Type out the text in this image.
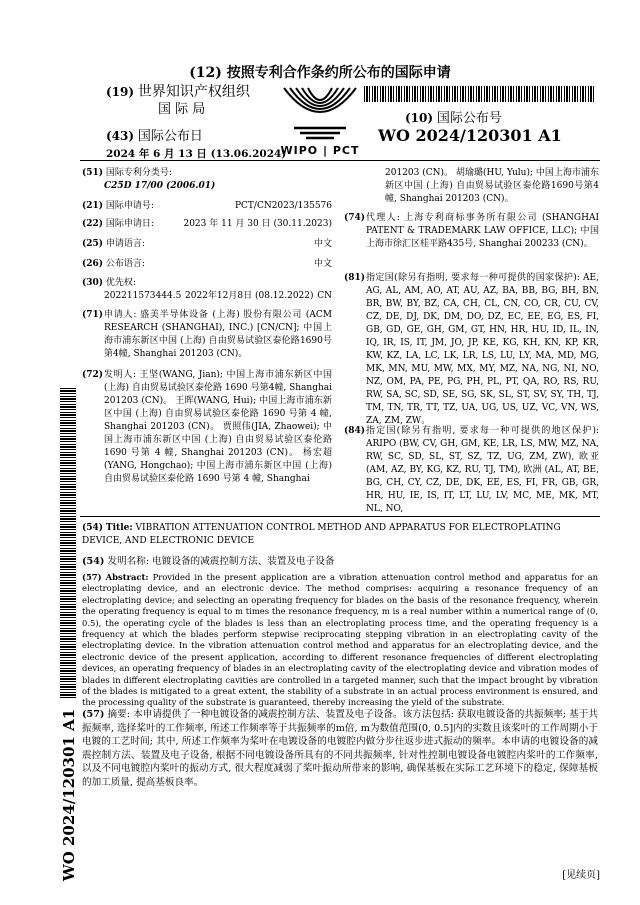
(12) 按照专利合作条约所公布的国际申请
(19) 世界知识产权组织
国 际 局
(43) 国际公布日
2024 年 6 月 13 日 (13.06.2024)
WIPO | PCT
(10) 国际公布号
WO 2024/120301 A1
WO 2024/120301 A1
(51) 国际专利分类号:
C25D 17/00 (2006.01)
(21) 国际申请号:	PCT/CN2023/135576
(22) 国际申请日:	2023 年 11 月 30 日 (30.11.2023)
(25) 申请语言:	中文
(26) 公布语言:	中文
(30) 优先权:
202211573444.5 2022年12月8日 (08.12.2022) CN
(71) 申请人: 盛美半导体设备 (上海) 股份有限公司 (ACM RESEARCH (SHANGHAI), INC.) [CN/CN]; 中国上海市浦东新区中国 (上海) 自由贸易试验区泰伦路1690号第4幢, Shanghai 201203 (CN)。
(72) 发明人: 王坚(WANG, Jian); 中国上海市浦东新区中国 (上海) 自由贸易试验区泰伦路 1690 号第4幢, Shanghai 201203 (CN)。 王晖(WANG, Hui); 中国上海市浦东新区中国 (上海) 自由贸易试验区泰伦路 1690 号第 4 幢, Shanghai 201203 (CN)。 贾照伟(JIA, Zhaowei); 中国上海市浦东新区中国 (上海) 自由贸易试验区泰伦路 1690 号第 4 幢, Shanghai 201203 (CN)。 杨宏超(YANG, Hongchao); 中国上海市浦东新区中国 (上海) 自由贸易试验区泰伦路 1690 号第 4 幢, Shanghai
201203 (CN)。 胡瑜璐(HU, Yulu); 中国上海市浦东新区中国 (上海) 自由贸易试验区泰伦路1690号第4幢, Shanghai 201203 (CN)。
(74) 代理人: 上海专利商标事务所有限公司 (SHANGHAI PATENT & TRADEMARK LAW OFFICE, LLC); 中国上海市徐汇区桂平路435号, Shanghai 200233 (CN)。
(81) 指定国(除另有指明, 要求每一种可提供的国家保护): AE, AG, AL, AM, AO, AT, AU, AZ, BA, BB, BG, BH, BN, BR, BW, BY, BZ, CA, CH, CL, CN, CO, CR, CU, CV, CZ, DE, DJ, DK, DM, DO, DZ, EC, EE, EG, ES, FI, GB, GD, GE, GH, GM, GT, HN, HR, HU, ID, IL, IN, IQ, IR, IS, IT, JM, JO, JP, KE, KG, KH, KN, KP, KR, KW, KZ, LA, LC, LK, LR, LS, LU, LY, MA, MD, MG, MK, MN, MU, MW, MX, MY, MZ, NA, NG, NI, NO, NZ, OM, PA, PE, PG, PH, PL, PT, QA, RO, RS, RU, RW, SA, SC, SD, SE, SG, SK, SL, ST, SV, SY, TH, TJ, TM, TN, TR, TT, TZ, UA, UG, US, UZ, VC, VN, WS, ZA, ZM, ZW。
(84) 指定国(除另有指明, 要求每一种可提供的地区保护): ARIPO (BW, CV, GH, GM, KE, LR, LS, MW, MZ, NA, RW, SC, SD, SL, ST, SZ, TZ, UG, ZM, ZW), 欧亚 (AM, AZ, BY, KG, KZ, RU, TJ, TM), 欧洲 (AL, AT, BE, BG, CH, CY, CZ, DE, DK, EE, ES, FI, FR, GB, GR, HR, HU, IE, IS, IT, LT, LU, LV, MC, ME, MK, MT, NL, NO,
(54) Title: VIBRATION ATTENUATION CONTROL METHOD AND APPARATUS FOR ELECTROPLATING DEVICE, AND ELECTRONIC DEVICE
(54) 发明名称: 电镀设备的减震控制方法、装置及电子设备
(57) Abstract: Provided in the present application are a vibration attenuation control method and apparatus for an electroplating device, and an electronic device. The method comprises: acquiring a resonance frequency of an electroplating device; and selecting an operating frequency for blades on the basis of the resonance frequency, wherein the operating frequency is equal to m times the resonance frequency, m is a real number within a numerical range of (0, 0.5), the operating cycle of the blades is less than an electroplating process time, and the operating frequency is a frequency at which the blades perform stepwise reciprocating stepping vibration in an electroplating cavity of the electroplating device. In the vibration attenuation control method and apparatus for an electroplating device, and the electronic device of the present application, according to different resonance frequencies of different electroplating devices, an operating frequency of blades in an electroplating cavity of the electroplating device and vibration modes of blades in different electroplating cavities are controlled in a targeted manner, such that the impact brought by vibration of the blades is mitigated to a great extent, the stability of a substrate in an actual process environment is ensured, and the processing quality of the substrate is guaranteed, thereby increasing the yield of the substrate.
(57) 摘要: 本申请提供了一种电镀设备的减震控制方法、装置及电子设备。该方法包括: 获取电镀设备的共振频率; 基于共振频率, 选择桨叶的工作频率, 所述工作频率等于共振频率的m倍, m为数值范围(0, 0.5]内的实数且该桨叶的工作周期小于电镀的工艺时间; 其中, 所述工作频率为桨叶在电镀设备的电镀腔内做分步往返步进式振动的频率。本申请的电镀设备的减震控制方法、装置及电子设备, 根据不同电镀设备所具有的不同共振频率, 针对性控制电镀设备电镀腔内桨叶的工作频率, 以及不同电镀腔内桨叶的振动方式, 很大程度减弱了桨叶振动所带来的影响, 确保基板在实际工艺环境下的稳定, 保障基板的加工质量, 提高基板良率。
[见续页]
